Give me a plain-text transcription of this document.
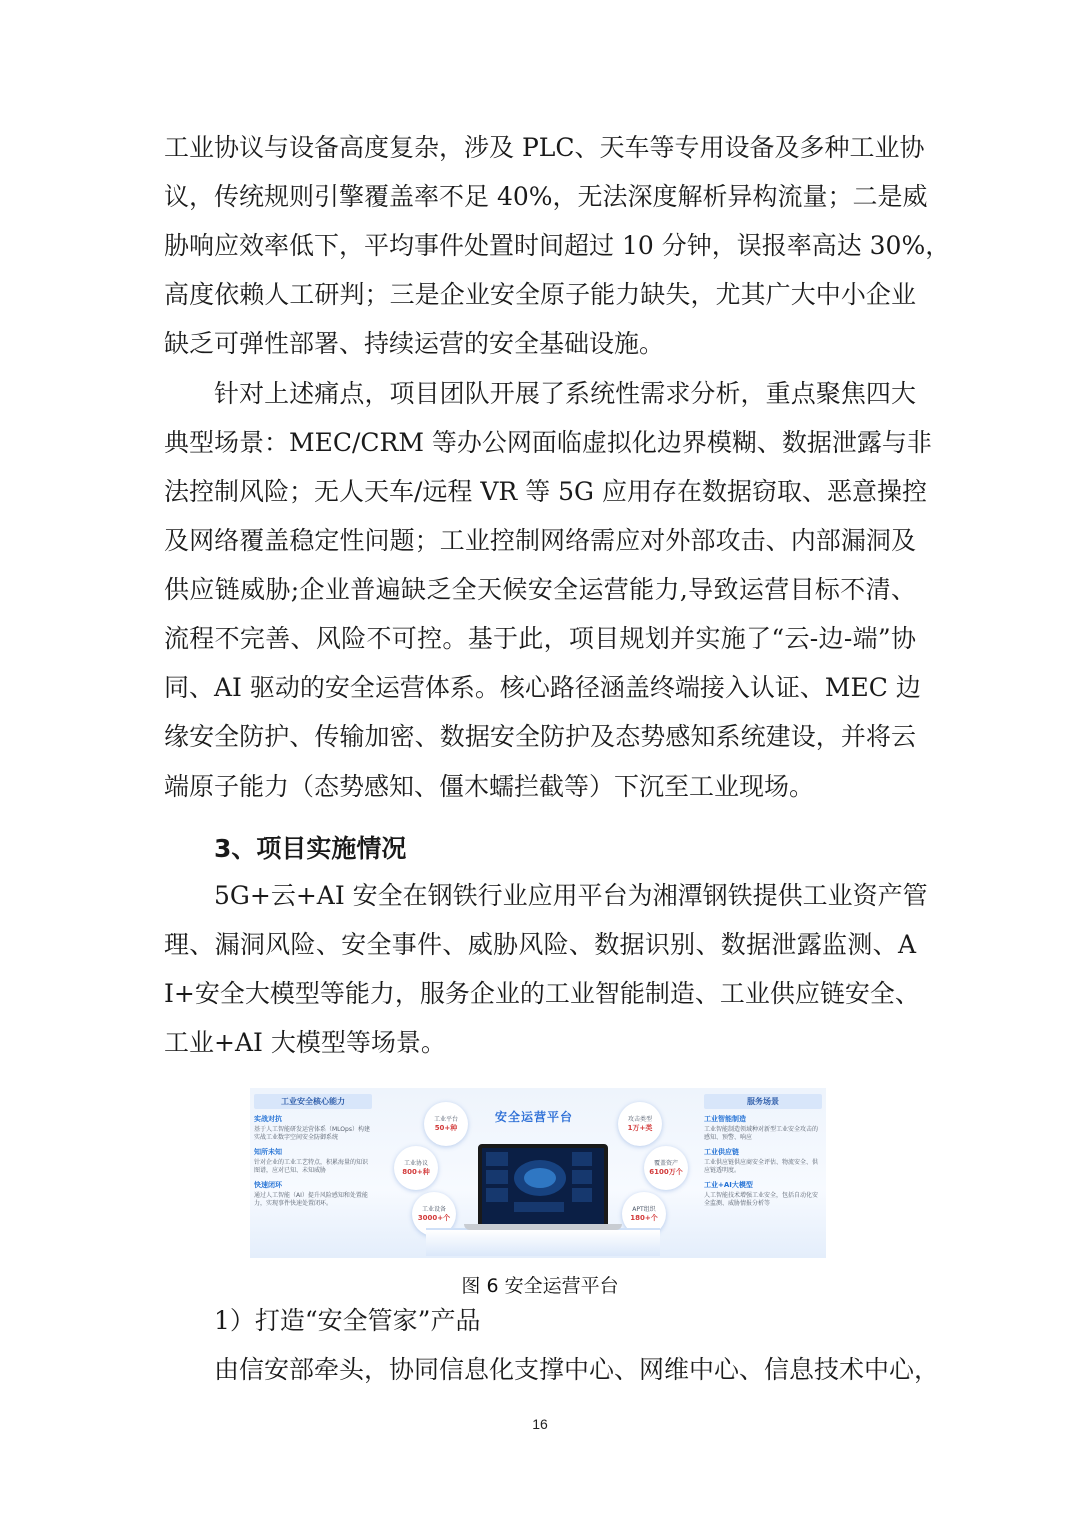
工业协议与设备高度复杂，涉及 PLC、天车等专用设备及多种工业协

议，传统规则引擎覆盖率不足 40%，无法深度解析异构流量；二是威

胁响应效率低下，平均事件处置时间超过 10 分钟，误报率高达 30%，

高度依赖人工研判；三是企业安全原子能力缺失，尤其广大中小企业

缺乏可弹性部署、持续运营的安全基础设施。

针对上述痛点，项目团队开展了系统性需求分析，重点聚焦四大

典型场景：MEC/CRM 等办公网面临虚拟化边界模糊、数据泄露与非

法控制风险；无人天车/远程 VR 等 5G 应用存在数据窃取、恶意操控

及网络覆盖稳定性问题；工业控制网络需应对外部攻击、内部漏洞及

供应链威胁;企业普遍缺乏全天候安全运营能力,导致运营目标不清、

流程不完善、风险不可控。基于此，项目规划并实施了“云-边-端”协

同、AI 驱动的安全运营体系。核心路径涵盖终端接入认证、MEC 边

缘安全防护、传输加密、数据安全防护及态势感知系统建设，并将云

端原子能力（态势感知、僵木蠕拦截等）下沉至工业现场。

3、项目实施情况

5G+云+AI 安全在钢铁行业应用平台为湘潭钢铁提供工业资产管

理、漏洞风险、安全事件、威胁风险、数据识别、数据泄露监测、A

I+安全大模型等能力，服务企业的工业智能制造、工业供应链安全、

工业+AI 大模型等场景。

工业安全核心能力
实战对抗
基于人工智能研发运营体系（MLOps）构建实战工业数字空间安全防御系统
知所未知
针对企业的工业工艺特点，积累海量的知识图谱，应对已知、未知威胁
快速闭环
通过人工智能（AI）提升风险感知和处置能力，实现事件快速处置闭环。
安全运营平台
工业平台
50+种
工业协议
800+种
工业设备
3000+个
攻击类型
1万+类
覆盖资产
6100万个
APT组织
180+个
服务场景
工业智能制造
工业智能制造领域种对新型工业安全攻击的感知、预警、响应
工业供应链
工业供应链供应商安全评估、物流安全、供应链透明度。
工业+AI大模型
人工智能技术增强工业安全，包括自动化安全监测、威胁情报分析等

图 6 安全运营平台

1）打造“安全管家”产品

由信安部牵头，协同信息化支撑中心、网维中心、信息技术中心，

16
